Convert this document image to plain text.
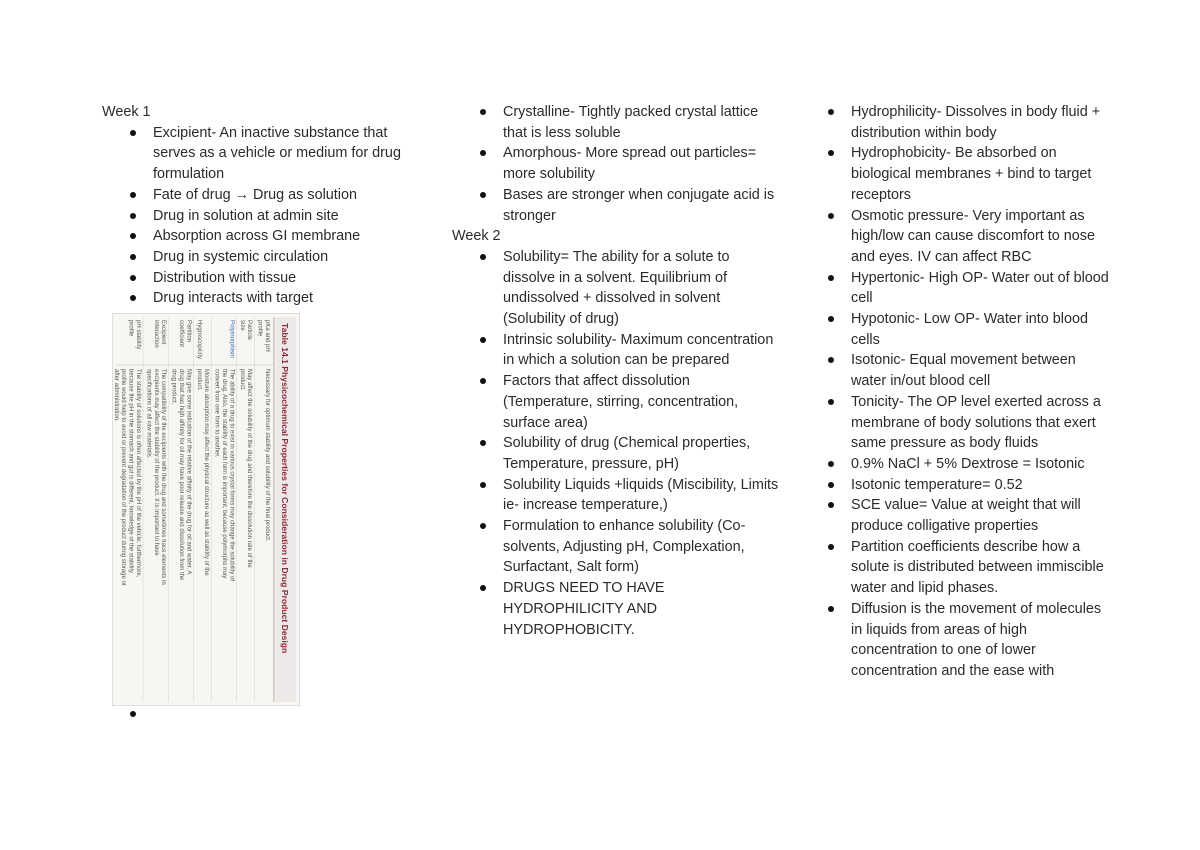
Week 1

Excipient- An inactive substance that serves as a vehicle or medium for drug formulation
Fate of drug → Drug as solution
Drug in solution at admin site
Absorption across GI membrane
Drug in systemic circulation
Distribution with tissue
Drug interacts with target
Table 14.1 Physicochemical Properties for Consideration in Drug Product Design
pKa and pHprofile
Necessary for optimum stability and solubility of the final product.
Particlesize
May affect the solubility of the drug and therefore the dissolution rate of theproduct.
Polymorphism
The ability of a drug to exist in various crystal forms may change the solubility ofthe drug. Also, the stability of each form is important, because polymorphs mayconvert from one form to another.
Hygroscopicity
Moisture absorption may affect the physical structure as well as stability of theproduct.
Partitioncoefficient
May give some indication of the relative affinity of the drug for oil and water. Adrug that has high affinity for oil may have poor release and dissolution from thedrug product.
Excipientinteraction
The compatibility of the excipients with the drug and sometimes trace elements inexcipients may affect the stability of the product. It is important to havespecifications of all raw materials.
pH stabilityprofile
The stability of solutions is often affected by the pH of the vehicle; furthermore,because the pH in the stomach and gut is different, knowledge of the stabilityprofile would help to avoid or prevent degradation of the product during storage orafter administration.
Crystalline- Tightly packed crystal lattice that is less soluble
Amorphous- More spread out particles= more solubility
Bases are stronger when conjugate acid is stronger

Week 2

Solubility= The ability for a solute to dissolve in a solvent. Equilibrium of undissolved + dissolved in solvent (Solubility of drug)
Intrinsic solubility- Maximum concentration in which a solution can be prepared
Factors that affect dissolution (Temperature, stirring, concentration, surface area)
Solubility of drug (Chemical properties, Temperature, pressure, pH)
Solubility Liquids +liquids (Miscibility, Limits ie- increase temperature,)
Formulation to enhance solubility (Co-solvents, Adjusting pH, Complexation, Surfactant, Salt form)
DRUGS NEED TO HAVE HYDROPHILICITY AND HYDROPHOBICITY.
Hydrophilicity- Dissolves in body fluid + distribution within body
Hydrophobicity- Be absorbed on biological membranes + bind to target receptors
Osmotic pressure- Very important as high/low can cause discomfort to nose and eyes. IV can affect RBC
Hypertonic- High OP- Water out of blood cell
Hypotonic- Low OP- Water into blood cells
Isotonic- Equal movement between water in/out blood cell
Tonicity- The OP level exerted across a membrane of body solutions that exert same pressure as body fluids
0.9% NaCl + 5% Dextrose = Isotonic
Isotonic temperature= 0.52
SCE value= Value at weight that will produce colligative properties
Partition coefficients describe how a solute is distributed between immiscible water and lipid phases.
Diffusion is the movement of molecules in liquids from areas of high concentration to one of lower concentration and the ease with
